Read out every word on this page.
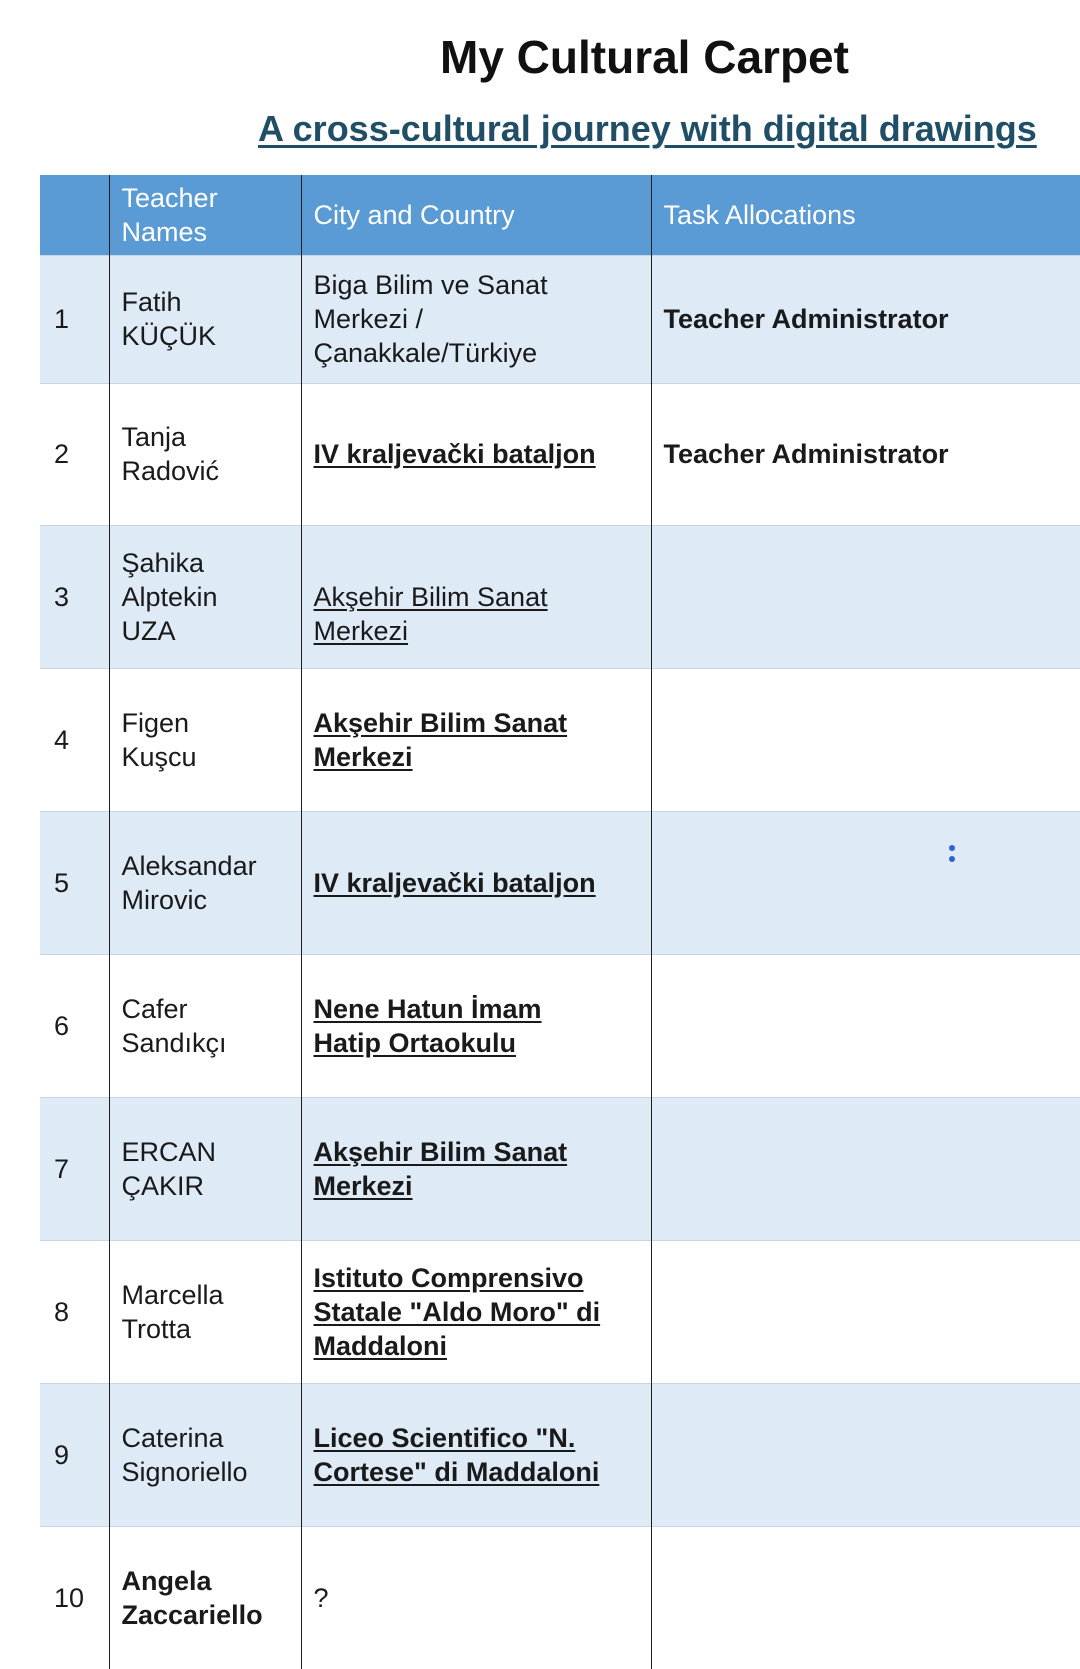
My Cultural Carpet
A cross-cultural journey with digital drawings

	Teacher Names	City and Country	Task Allocations
1	Fatih KÜÇÜK	Biga Bilim ve Sanat Merkezi / Çanakkale/Türkiye	Teacher Administrator
2	Tanja Radović	IV kraljevački bataljon	Teacher Administrator
3	Şahika Alptekin UZA	Akşehir Bilim Sanat Merkezi	

4	Figen Kuşcu	Akşehir Bilim Sanat Merkezi	

5	Aleksandar Mirovic	IV kraljevački bataljon	
6	Cafer Sandıkçı	Nene Hatun İmam Hatip Ortaokulu	

7	ERCAN ÇAKIR	Akşehir Bilim Sanat Merkezi	

8	Marcella Trotta	Istituto Comprensivo Statale "Aldo Moro" di Maddaloni	

9	Caterina Signoriello	Liceo Scientifico "N. Cortese" di Maddaloni	

10	Angela Zaccariello	?	
